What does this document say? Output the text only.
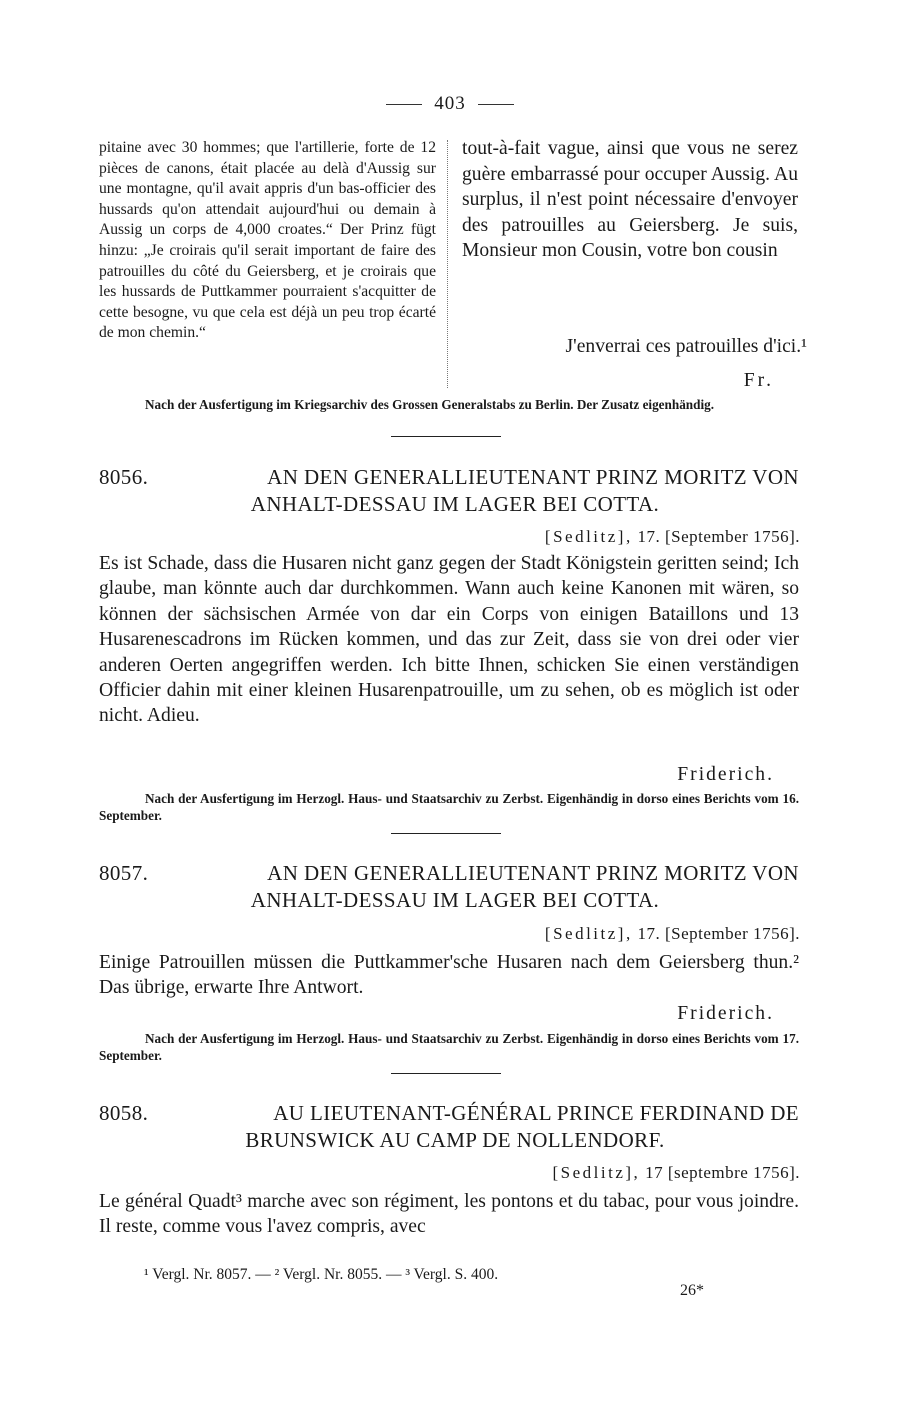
403

pitaine avec 30 hommes; que l'artillerie, forte de 12 pièces de canons, était placée au delà d'Aussig sur une montagne, qu'il avait appris d'un bas-officier des hussards qu'on attendait aujourd'hui ou demain à Aussig un corps de 4,000 croates.“ Der Prinz fügt hinzu: „Je croirais qu'il serait important de faire des patrouilles du côté du Geiersberg, et je croirais que les hussards de Puttkammer pourraient s'acquitter de cette besogne, vu que cela est déjà un peu trop écarté de mon chemin.“

tout-à-fait vague, ainsi que vous ne serez guère embarrassé pour occuper Aussig. Au surplus, il n'est point nécessaire d'envoyer des patrouilles au Geiersberg. Je suis, Monsieur mon Cousin, votre bon cousin

J'enverrai ces patrouilles d'ici.¹
Fr.

Nach der Ausfertigung im Kriegsarchiv des Grossen Generalstabs zu Berlin. Der Zusatz eigenhändig.

8056.	AN DEN GENERALLIEUTENANT PRINZ MORITZ VON
ANHALT-DESSAU IM LAGER BEI COTTA.
[Sedlitz], 17. [September 1756].

Es ist Schade, dass die Husaren nicht ganz gegen der Stadt Königstein geritten seind; Ich glaube, man könnte auch dar durchkommen. Wann auch keine Kanonen mit wären, so können der sächsischen Armée von dar ein Corps von einigen Bataillons und 13 Husarenescadrons im Rücken kommen, und das zur Zeit, dass sie von drei oder vier anderen Oerten angegriffen werden. Ich bitte Ihnen, schicken Sie einen verständigen Officier dahin mit einer kleinen Husarenpatrouille, um zu sehen, ob es möglich ist oder nicht. Adieu.

Friderich.

Nach der Ausfertigung im Herzogl. Haus- und Staatsarchiv zu Zerbst. Eigenhändig in dorso eines Berichts vom 16. September.

8057.	AN DEN GENERALLIEUTENANT PRINZ MORITZ VON
ANHALT-DESSAU IM LAGER BEI COTTA.
[Sedlitz], 17. [September 1756].

Einige Patrouillen müssen die Puttkammer'sche Husaren nach dem Geiersberg thun.² Das übrige, erwarte Ihre Antwort.

Friderich.

Nach der Ausfertigung im Herzogl. Haus- und Staatsarchiv zu Zerbst. Eigenhändig in dorso eines Berichts vom 17. September.

8058.	AU LIEUTENANT-GÉNÉRAL PRINCE FERDINAND DE
BRUNSWICK AU CAMP DE NOLLENDORF.
[Sedlitz], 17 [septembre 1756].

Le général Quadt³ marche avec son régiment, les pontons et du tabac, pour vous joindre. Il reste, comme vous l'avez compris, avec

¹ Vergl. Nr. 8057. — ² Vergl. Nr. 8055. — ³ Vergl. S. 400.
26*
